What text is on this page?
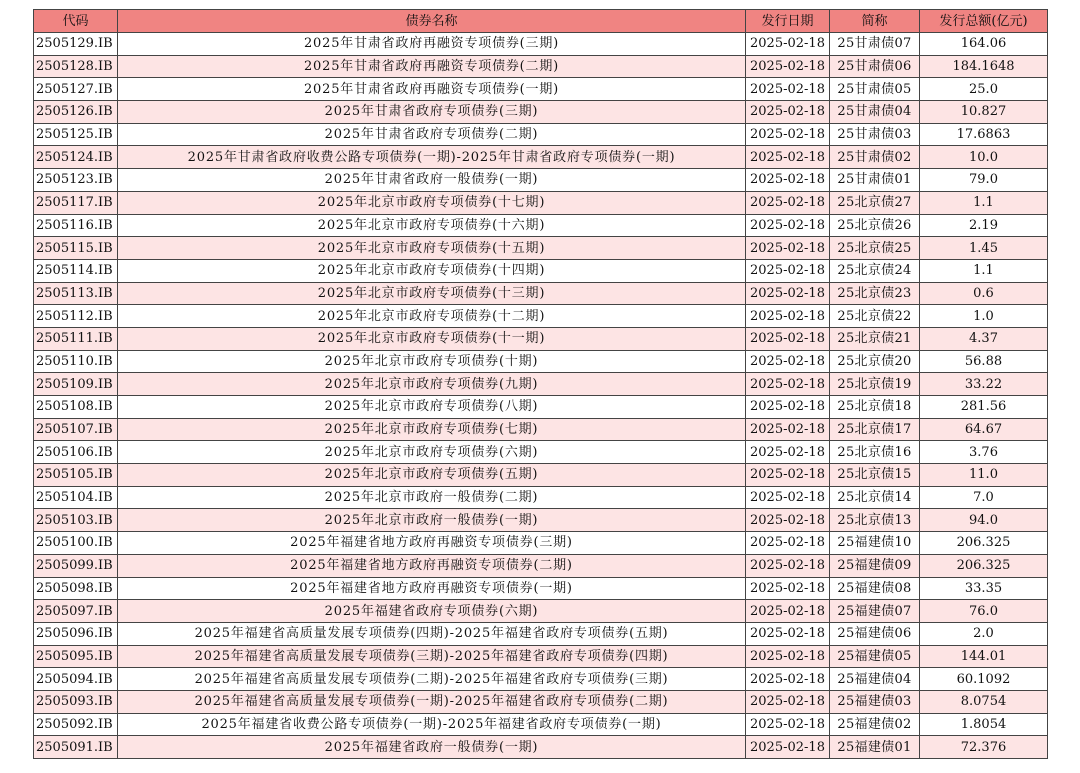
代码	债券名称	发行日期	简称	发行总额(亿元)
2505129.IB	2025年甘肃省政府再融资专项债券(三期)	2025-02-18	25甘肃债07	164.06
2505128.IB	2025年甘肃省政府再融资专项债券(二期)	2025-02-18	25甘肃债06	184.1648
2505127.IB	2025年甘肃省政府再融资专项债券(一期)	2025-02-18	25甘肃债05	25.0
2505126.IB	2025年甘肃省政府专项债券(三期)	2025-02-18	25甘肃债04	10.827
2505125.IB	2025年甘肃省政府专项债券(二期)	2025-02-18	25甘肃债03	17.6863
2505124.IB	2025年甘肃省政府收费公路专项债券(一期)-2025年甘肃省政府专项债券(一期)	2025-02-18	25甘肃债02	10.0
2505123.IB	2025年甘肃省政府一般债券(一期)	2025-02-18	25甘肃债01	79.0
2505117.IB	2025年北京市政府专项债券(十七期)	2025-02-18	25北京债27	1.1
2505116.IB	2025年北京市政府专项债券(十六期)	2025-02-18	25北京债26	2.19
2505115.IB	2025年北京市政府专项债券(十五期)	2025-02-18	25北京债25	1.45
2505114.IB	2025年北京市政府专项债券(十四期)	2025-02-18	25北京债24	1.1
2505113.IB	2025年北京市政府专项债券(十三期)	2025-02-18	25北京债23	0.6
2505112.IB	2025年北京市政府专项债券(十二期)	2025-02-18	25北京债22	1.0
2505111.IB	2025年北京市政府专项债券(十一期)	2025-02-18	25北京债21	4.37
2505110.IB	2025年北京市政府专项债券(十期)	2025-02-18	25北京债20	56.88
2505109.IB	2025年北京市政府专项债券(九期)	2025-02-18	25北京债19	33.22
2505108.IB	2025年北京市政府专项债券(八期)	2025-02-18	25北京债18	281.56
2505107.IB	2025年北京市政府专项债券(七期)	2025-02-18	25北京债17	64.67
2505106.IB	2025年北京市政府专项债券(六期)	2025-02-18	25北京债16	3.76
2505105.IB	2025年北京市政府专项债券(五期)	2025-02-18	25北京债15	11.0
2505104.IB	2025年北京市政府一般债券(二期)	2025-02-18	25北京债14	7.0
2505103.IB	2025年北京市政府一般债券(一期)	2025-02-18	25北京债13	94.0
2505100.IB	2025年福建省地方政府再融资专项债券(三期)	2025-02-18	25福建债10	206.325
2505099.IB	2025年福建省地方政府再融资专项债券(二期)	2025-02-18	25福建债09	206.325
2505098.IB	2025年福建省地方政府再融资专项债券(一期)	2025-02-18	25福建债08	33.35
2505097.IB	2025年福建省政府专项债券(六期)	2025-02-18	25福建债07	76.0
2505096.IB	2025年福建省高质量发展专项债券(四期)-2025年福建省政府专项债券(五期)	2025-02-18	25福建债06	2.0
2505095.IB	2025年福建省高质量发展专项债券(三期)-2025年福建省政府专项债券(四期)	2025-02-18	25福建债05	144.01
2505094.IB	2025年福建省高质量发展专项债券(二期)-2025年福建省政府专项债券(三期)	2025-02-18	25福建债04	60.1092
2505093.IB	2025年福建省高质量发展专项债券(一期)-2025年福建省政府专项债券(二期)	2025-02-18	25福建债03	8.0754
2505092.IB	2025年福建省收费公路专项债券(一期)-2025年福建省政府专项债券(一期)	2025-02-18	25福建债02	1.8054
2505091.IB	2025年福建省政府一般债券(一期)	2025-02-18	25福建债01	72.376
